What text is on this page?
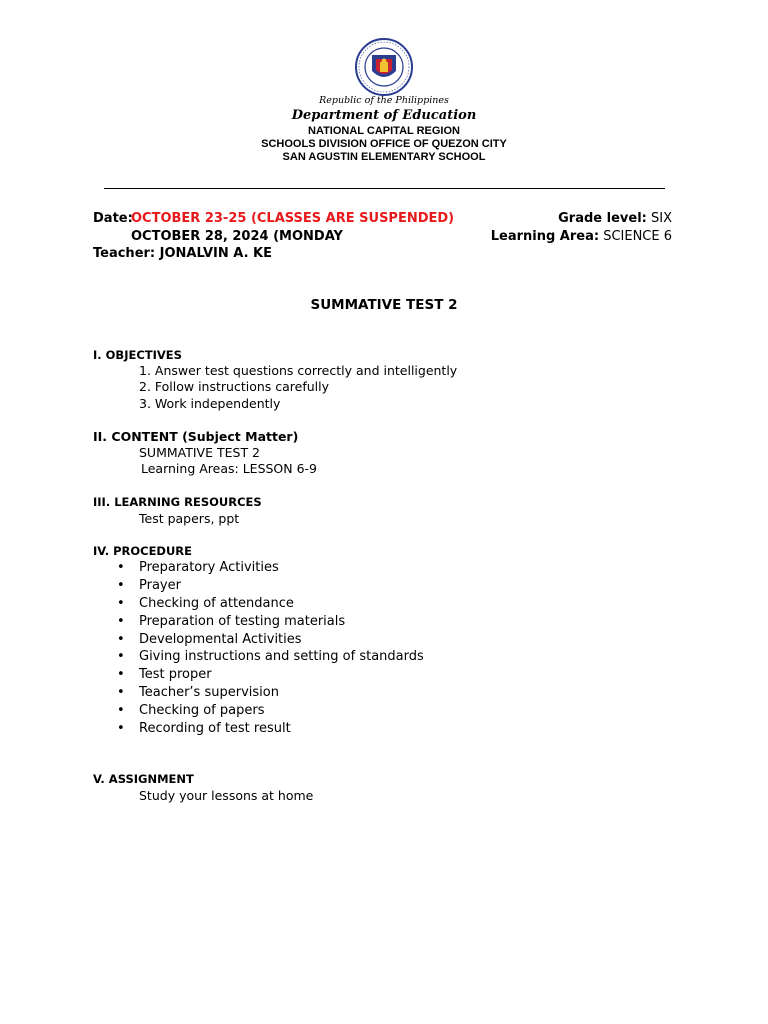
Republic of the Philippines
Department of Education
NATIONAL CAPITAL REGION
SCHOOLS DIVISION OFFICE OF QUEZON CITY
SAN AGUSTIN ELEMENTARY SCHOOL
Date:
OCTOBER 23-25 (CLASSES ARE SUSPENDED)
OCTOBER 28, 2024 (MONDAY
Teacher: JONALVIN A. KE
Grade level: SIX
Learning Area: SCIENCE 6
SUMMATIVE TEST 2
I. OBJECTIVES
1. Answer test questions correctly and intelligently
2. Follow instructions carefully
3. Work independently
II. CONTENT (Subject Matter)
SUMMATIVE TEST 2
Learning Areas: LESSON 6-9
III. LEARNING RESOURCES
Test papers, ppt
IV. PROCEDURE
• Preparatory Activities
• Prayer
• Checking of attendance
• Preparation of testing materials
• Developmental Activities
• Giving instructions and setting of standards
• Test proper
• Teacher’s supervision
• Checking of papers
• Recording of test result
V. ASSIGNMENT
Study your lessons at home
